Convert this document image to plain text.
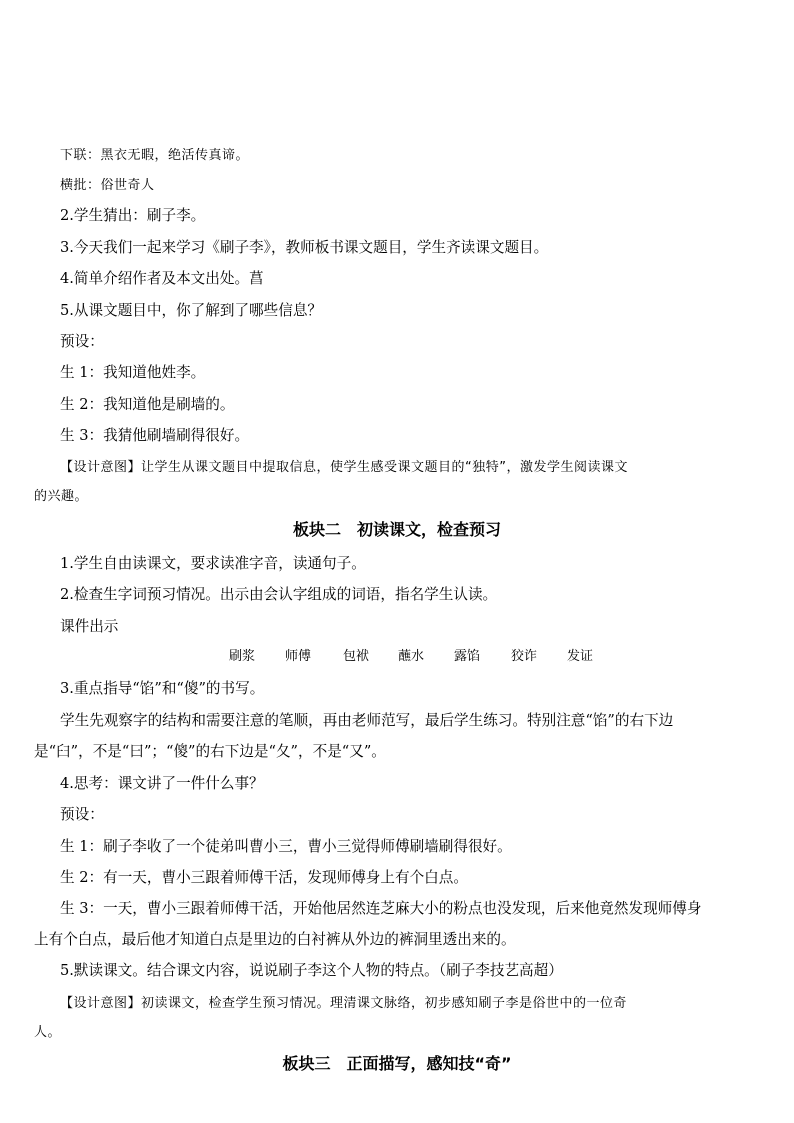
下联：黑衣无暇，绝活传真谛。
横批：俗世奇人
2.学生猜出：刷子李。
3.今天我们一起来学习《刷子李》，教师板书课文题目，学生齐读课文题目。
4.简单介绍作者及本文出处。菖
5.从课文题目中，你了解到了哪些信息？
预设：
生 1：我知道他姓李。
生 2：我知道他是刷墙的。
生 3：我猜他刷墙刷得很好。
【设计意图】让学生从课文题目中提取信息，使学生感受课文题目的“独特”，激发学生阅读课文
的兴趣。
板块二　初读课文，检查预习
1.学生自由读课文，要求读准字音，读通句子。
2.检查生字词预习情况。出示由会认字组成的词语，指名学生认读。
课件出示
刷浆 师傅 包袱 蘸水 露馅 狡诈 发证
3.重点指导“馅”和“傻”的书写。
学生先观察字的结构和需要注意的笔顺，再由老师范写，最后学生练习。特别注意“馅”的右下边
是“臼”，不是“曰”；“傻”的右下边是“夂”，不是“又”。
4.思考：课文讲了一件什么事？
预设：
生 1：刷子李收了一个徒弟叫曹小三，曹小三觉得师傅刷墙刷得很好。
生 2：有一天，曹小三跟着师傅干活，发现师傅身上有个白点。
生 3：一天，曹小三跟着师傅干活，开始他居然连芝麻大小的粉点也没发现，后来他竟然发现师傅身
上有个白点，最后他才知道白点是里边的白衬裤从外边的裤洞里透出来的。
5.默读课文。结合课文内容，说说刷子李这个人物的特点。（刷子李技艺高超）
【设计意图】初读课文，检查学生预习情况。理清课文脉络，初步感知刷子李是俗世中的一位奇
人。
板块三　正面描写，感知技“奇”
